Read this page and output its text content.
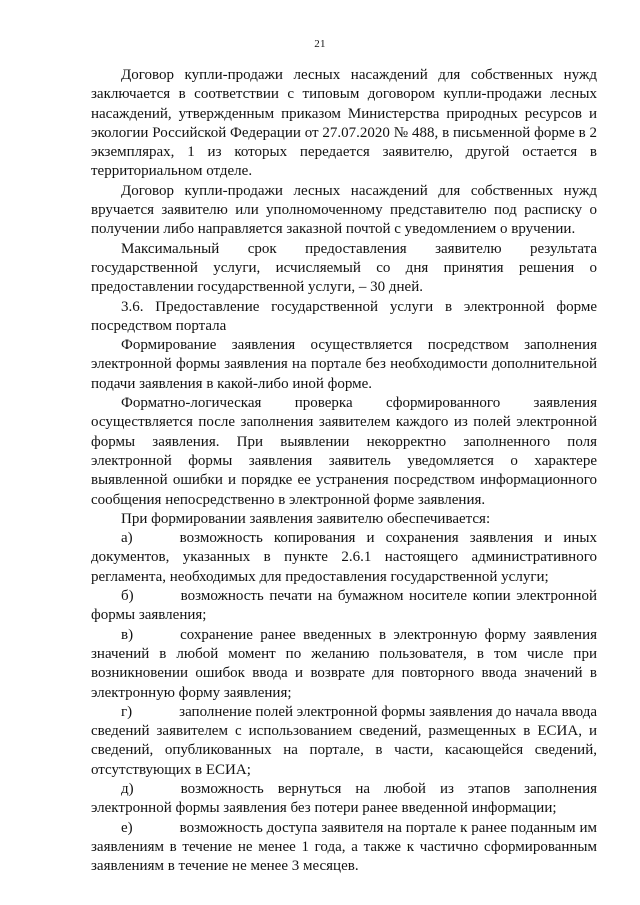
21

Договор купли-продажи лесных насаждений для собственных нужд заключается в соответствии с типовым договором купли-продажи лесных насаждений, утвержденным приказом Министерства природных ресурсов и экологии Российской Федерации от 27.07.2020 № 488, в письменной форме в 2 экземплярах, 1 из которых передается заявителю, другой остается в территориальном отделе.

Договор купли-продажи лесных насаждений для собственных нужд вручается заявителю или уполномоченному представителю под расписку о получении либо направляется заказной почтой с уведомлением о вручении.

Максимальный срок предоставления заявителю результата государственной услуги, исчисляемый со дня принятия решения о предоставлении государственной услуги, – 30 дней.

3.6. Предоставление государственной услуги в электронной форме посредством портала

Формирование заявления осуществляется посредством заполнения электронной формы заявления на портале без необходимости дополнительной подачи заявления в какой-либо иной форме.

Форматно-логическая проверка сформированного заявления осуществляется после заполнения заявителем каждого из полей электронной формы заявления. При выявлении некорректно заполненного поля электронной формы заявления заявитель уведомляется о характере выявленной ошибки и порядке ее устранения посредством информационного сообщения непосредственно в электронной форме заявления.

При формировании заявления заявителю обеспечивается:

а)	возможность копирования и сохранения заявления и иных документов, указанных в пункте 2.6.1 настоящего административного регламента, необходимых для предоставления государственной услуги;

б)	возможность печати на бумажном носителе копии электронной формы заявления;

в)	сохранение ранее введенных в электронную форму заявления значений в любой момент по желанию пользователя, в том числе при возникновении ошибок ввода и возврате для повторного ввода значений в электронную форму заявления;

г)	заполнение полей электронной формы заявления до начала ввода сведений заявителем с использованием сведений, размещенных в ЕСИА, и сведений, опубликованных на портале, в части, касающейся сведений, отсутствующих в ЕСИА;

д)	возможность вернуться на любой из этапов заполнения электронной формы заявления без потери ранее введенной информации;

е)	возможность доступа заявителя на портале к ранее поданным им заявлениям в течение не менее 1 года, а также к частично сформированным заявлениям в течение не менее 3 месяцев.
